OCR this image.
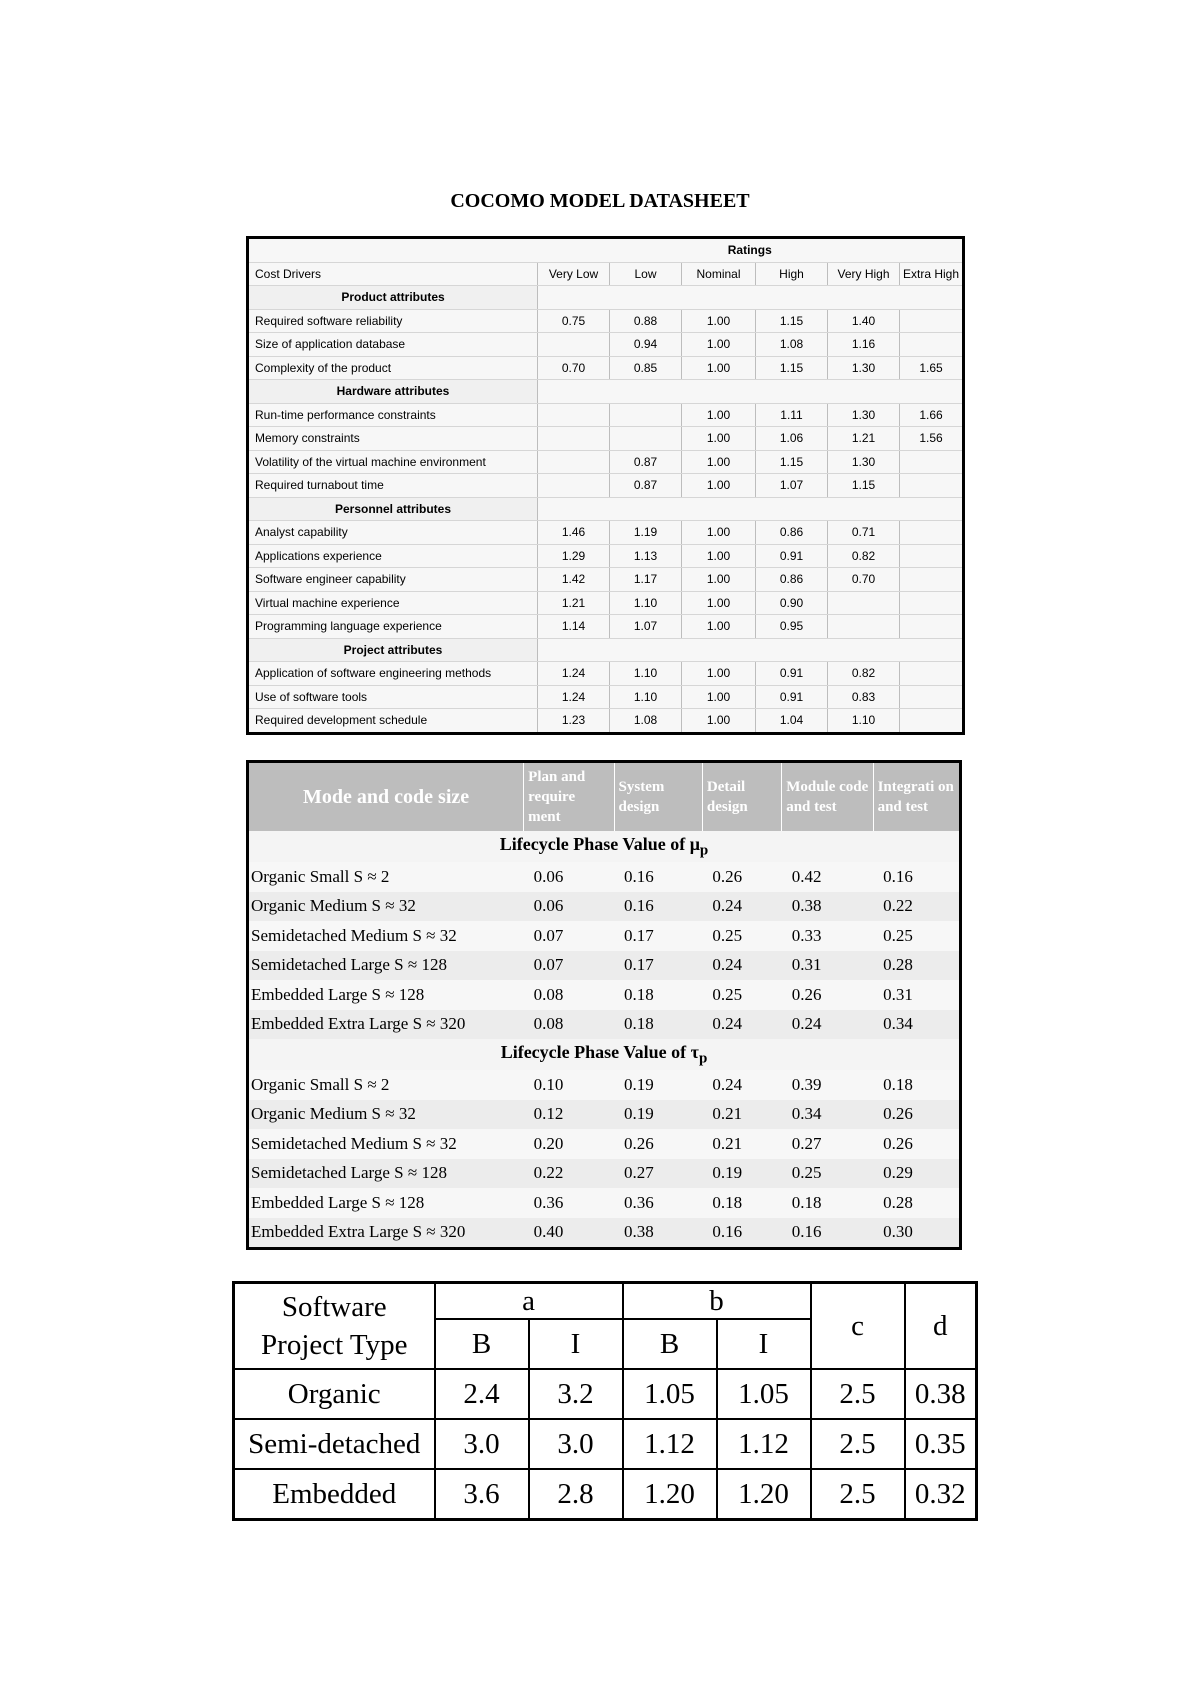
COCOMO MODEL DATASHEET
	Ratings					
Cost Drivers	Very Low	Low	Nominal	High	Very High	Extra High
Product attributes						
Required software reliability	0.75	0.88	1.00	1.15	1.40	
Size of application database		0.94	1.00	1.08	1.16	
Complexity of the product	0.70	0.85	1.00	1.15	1.30	1.65
Hardware attributes						
Run-time performance constraints			1.00	1.11	1.30	1.66
Memory constraints			1.00	1.06	1.21	1.56
Volatility of the virtual machine environment		0.87	1.00	1.15	1.30	
Required turnabout time		0.87	1.00	1.07	1.15	
Personnel attributes						
Analyst capability	1.46	1.19	1.00	0.86	0.71	
Applications experience	1.29	1.13	1.00	0.91	0.82	
Software engineer capability	1.42	1.17	1.00	0.86	0.70	
Virtual machine experience	1.21	1.10	1.00	0.90		
Programming language experience	1.14	1.07	1.00	0.95		
Project attributes						
Application of software engineering methods	1.24	1.10	1.00	0.91	0.82	
Use of software tools	1.24	1.10	1.00	0.91	0.83	
Required development schedule	1.23	1.08	1.00	1.04	1.10	
Mode and code size	Plan and require ment	System design	Detail design	Module code and test	Integrati on and test
Lifecycle Phase Value of $\mu_p$
Organic Small S ≈ 2	0.06	0.16	0.26	0.42	0.16
Organic Medium S ≈ 32	0.06	0.16	0.24	0.38	0.22
Semidetached Medium S ≈ 32	0.07	0.17	0.25	0.33	0.25
Semidetached Large S ≈ 128	0.07	0.17	0.24	0.31	0.28
Embedded Large S ≈ 128	0.08	0.18	0.25	0.26	0.31
Embedded Extra Large S ≈ 320	0.08	0.18	0.24	0.24	0.34
Lifecycle Phase Value of $\tau_p$
Organic Small S ≈ 2	0.10	0.19	0.24	0.39	0.18
Organic Medium S ≈ 32	0.12	0.19	0.21	0.34	0.26
Semidetached Medium S ≈ 32	0.20	0.26	0.21	0.27	0.26
Semidetached Large S ≈ 128	0.22	0.27	0.19	0.25	0.29
Embedded Large S ≈ 128	0.36	0.36	0.18	0.18	0.28
Embedded Extra Large S ≈ 320	0.40	0.38	0.16	0.16	0.30
Software
Project Type	a		b		c	d
	B	I	B	I		
Organic	2.4	3.2	1.05	1.05	2.5	0.38
Semi-detached	3.0	3.0	1.12	1.12	2.5	0.35
Embedded	3.6	2.8	1.20	1.20	2.5	0.32
